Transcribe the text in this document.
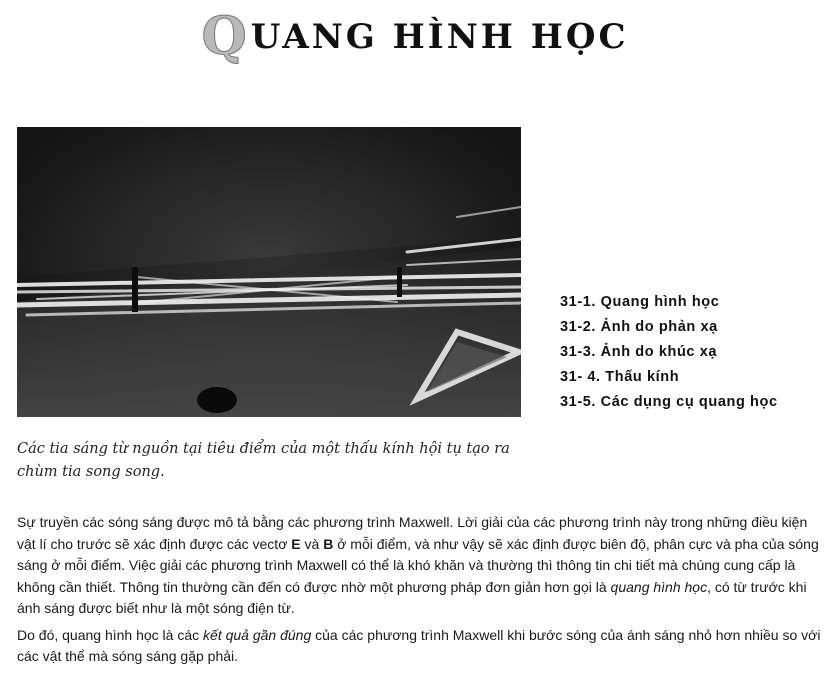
QUANG HÌNH HỌC
Các tia sáng từ nguồn tại tiêu điểm của một thấu kính hội tụ tạo ra chùm tia song song.
31-1. Quang hình học
31-2. Ảnh do phản xạ
31-3. Ảnh do khúc xạ
31- 4. Thấu kính
31-5. Các dụng cụ quang học

Sự truyền các sóng sáng được mô tả bằng các phương trình Maxwell. Lời giải của các phương trình này trong những điều kiện vật lí cho trước sẽ xác định được các vectơ E và B ở mỗi điểm, và như vậy sẽ xác định được biên độ, phân cực và pha của sóng sáng ở mỗi điểm. Việc giải các phương trình Maxwell có thể là khó khăn và thường thì thông tin chi tiết mà chúng cung cấp là không cần thiết. Thông tin thường cần đến có được nhờ một phương pháp đơn giản hơn gọi là quang hình học, có từ trước khi ánh sáng được biết như là một sóng điện từ.

Do đó, quang hình học là các kết quả gần đúng của các phương trình Maxwell khi bước sóng của ánh sáng nhỏ hơn nhiều so với các vật thể mà sóng sáng gặp phải.
